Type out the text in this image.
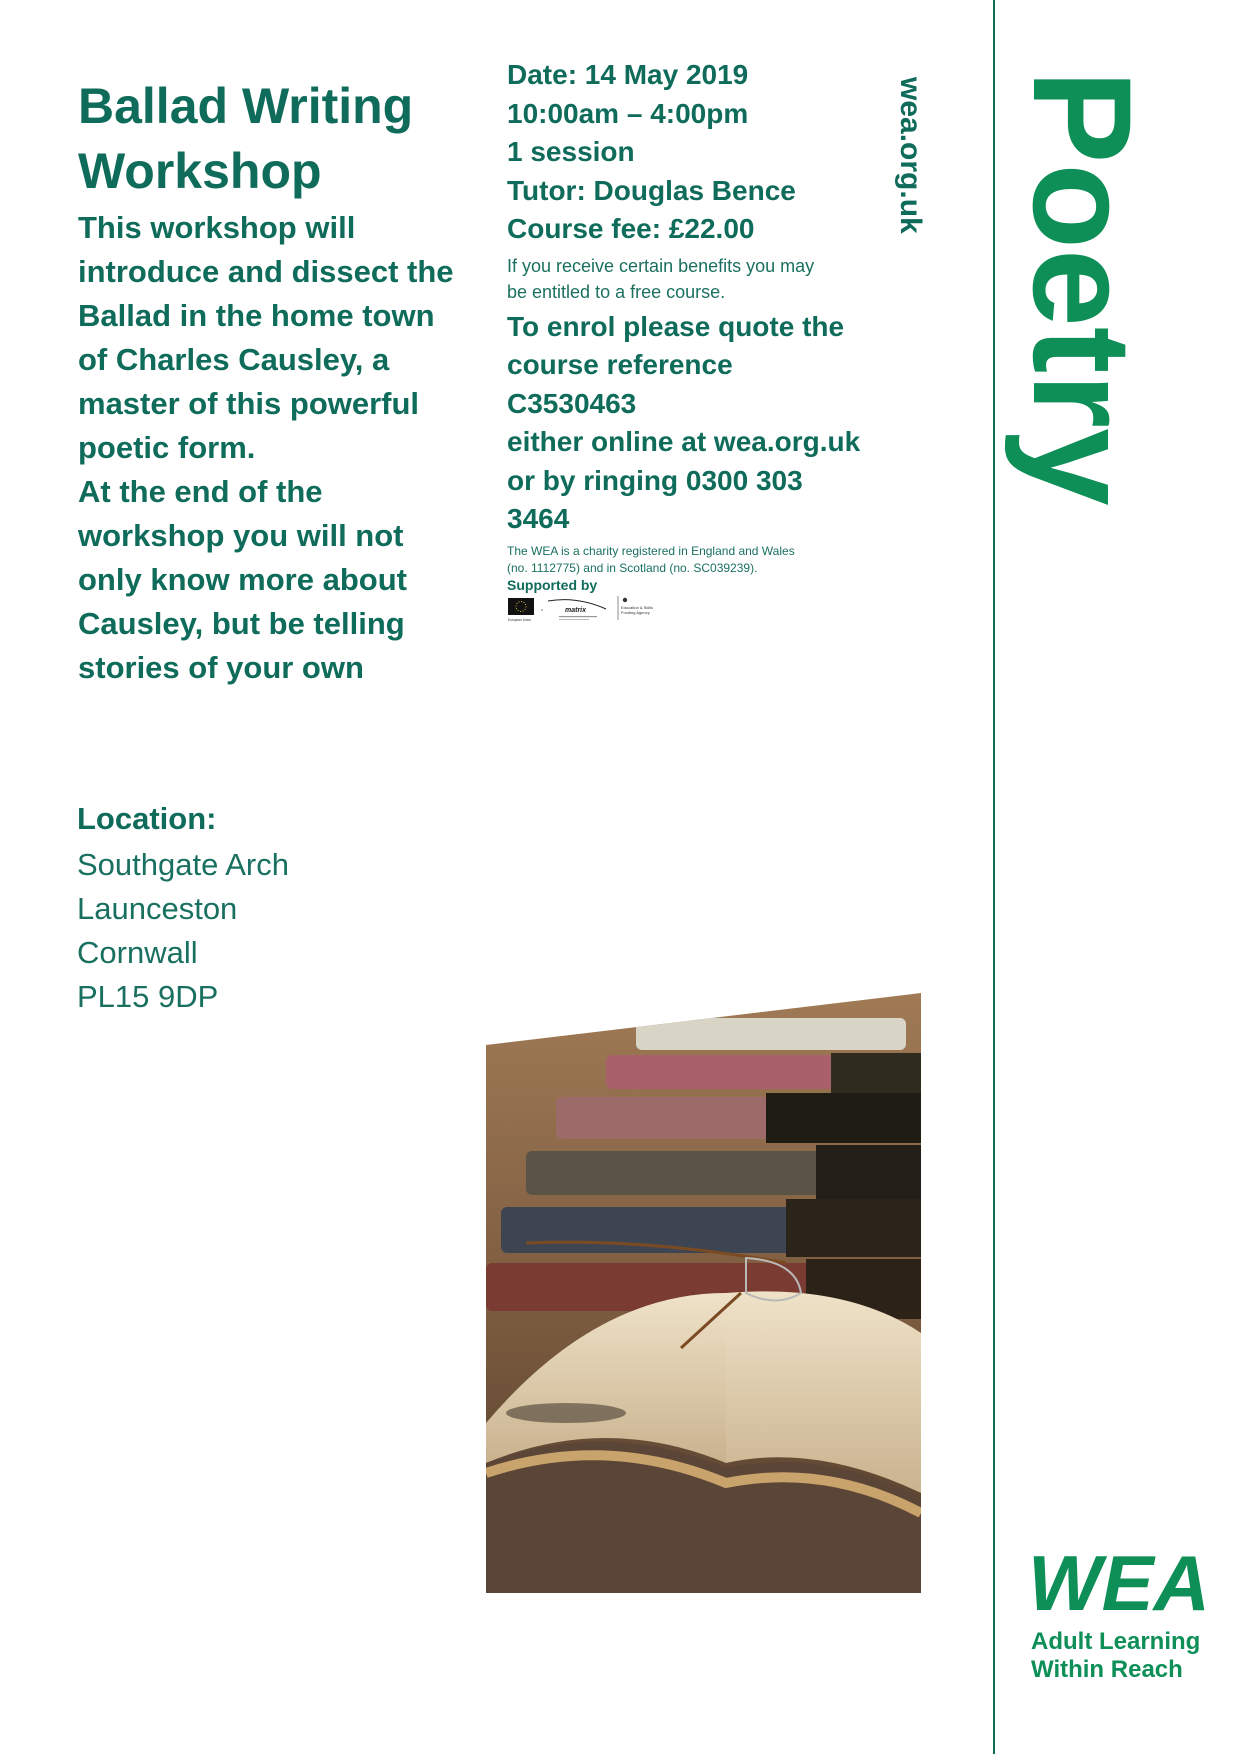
Ballad Writing
Workshop

This workshop will introduce and dissect the Ballad in the home town of Charles Causley, a master of this powerful poetic form.

At the end of the workshop you will not only know more about Causley, but be telling stories of your own

Location:
Southgate Arch
Launceston
Cornwall
PL15 9DP
Date: 14 May 2019
10:00am – 4:00pm
1 session
Tutor: Douglas Bence
Course fee: £22.00
If you receive certain benefits you may
be entitled to a free course.
To enrol please quote the
course reference
C3530463
either online at wea.org.uk
or by ringing 0300 303
3464
The WEA is a charity registered in England and Wales
(no. 1112775) and in Scotland (no. SC039239).
Supported by
European Union
matrix	Education & Skills
Funding Agency
wea.org.uk Poetry
WEA
Adult Learning
Within Reach
